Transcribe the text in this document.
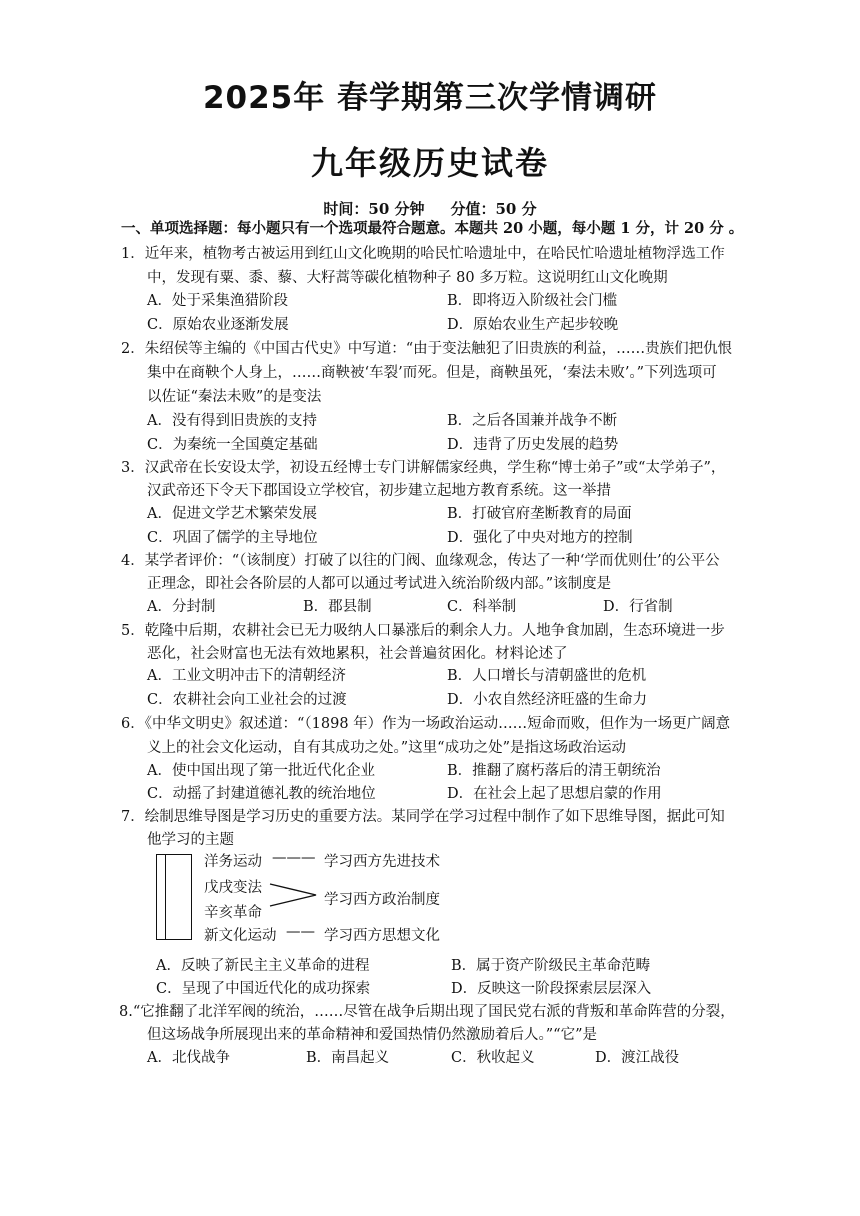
2025年 春学期第三次学情调研
九年级历史试卷
时间：50 分钟 分值：50 分
一、单项选择题：每小题只有一个选项最符合题意。本题共 20 小题，每小题 1 分，计 20 分 。
1．近年来，植物考古被运用到红山文化晚期的哈民忙哈遗址中，在哈民忙哈遗址植物浮选工作
中，发现有粟、黍、藜、大籽蒿等碳化植物种子 80 多万粒。这说明红山文化晚期
A．处于采集渔猎阶段	B．即将迈入阶级社会门槛
C．原始农业逐渐发展	D．原始农业生产起步较晚
2．朱绍侯等主编的《中国古代史》中写道：“由于变法触犯了旧贵族的利益，……贵族们把仇恨
集中在商鞅个人身上，……商鞅被‘车裂’而死。但是，商鞅虽死，‘秦法未败’。”下列选项可
以佐证“秦法未败”的是变法
A．没有得到旧贵族的支持	B．之后各国兼并战争不断
C．为秦统一全国奠定基础	D．违背了历史发展的趋势
3．汉武帝在长安设太学，初设五经博士专门讲解儒家经典，学生称“博士弟子”或“太学弟子”，
汉武帝还下令天下郡国设立学校官，初步建立起地方教育系统。这一举措
A．促进文学艺术繁荣发展	B．打破官府垄断教育的局面
C．巩固了儒学的主导地位	D．强化了中央对地方的控制
4．某学者评价：“（该制度）打破了以往的门阀、血缘观念，传达了一种‘学而优则仕’的公平公
正理念，即社会各阶层的人都可以通过考试进入统治阶级内部。”该制度是
A．分封制	B．郡县制	C．科举制	D．行省制
5．乾隆中后期，农耕社会已无力吸纳人口暴涨后的剩余人力。人地争食加剧，生态环境进一步
恶化，社会财富也无法有效地累积，社会普遍贫困化。材料论述了
A．工业文明冲击下的清朝经济	B．人口增长与清朝盛世的危机
C．农耕社会向工业社会的过渡	D．小农自然经济旺盛的生命力
6．《中华文明史》叙述道：“（1898 年）作为一场政治运动……短命而败，但作为一场更广阔意
义上的社会文化运动，自有其成功之处。”这里“成功之处”是指这场政治运动
A．使中国出现了第一批近代化企业	B．推翻了腐朽落后的清王朝统治
C．动摇了封建道德礼教的统治地位	D．在社会上起了思想启蒙的作用
7．绘制思维导图是学习历史的重要方法。某同学在学习过程中制作了如下思维导图，据此可知
他学习的主题
洋务运动 ——— 学习西方先进技术
戊戌变法
辛亥革命
学习西方政治制度
新文化运动 —— 学习西方思想文化
A．反映了新民主主义革命的进程	B．属于资产阶级民主革命范畴
C．呈现了中国近代化的成功探索	D．反映这一阶段探索层层深入
8.“它推翻了北洋军阀的统治，……尽管在战争后期出现了国民党右派的背叛和革命阵营的分裂，
但这场战争所展现出来的革命精神和爱国热情仍然激励着后人。”“它”是
A．北伐战争	B．南昌起义	C．秋收起义	D．渡江战役
